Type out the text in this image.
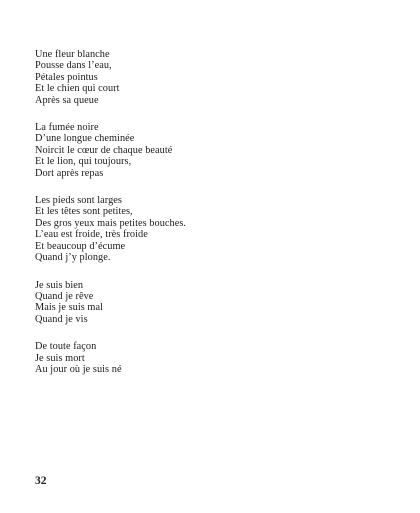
Une fleur blanche
Pousse dans l’eau,
Pétales pointus
Et le chien qui court
Après sa queue
La fumée noire
D’une longue cheminée
Noircit le cœur de chaque beauté
Et le lion, qui toujours,
Dort après repas
Les pieds sont larges
Et les têtes sont petites,
Des gros yeux mais petites bouches.
L’eau est froide, très froide
Et beaucoup d’écume
Quand j’y plonge.
Je suis bien
Quand je rêve
Mais je suis mal
Quand je vis
De toute façon
Je suis mort
Au jour où je suis né
32
